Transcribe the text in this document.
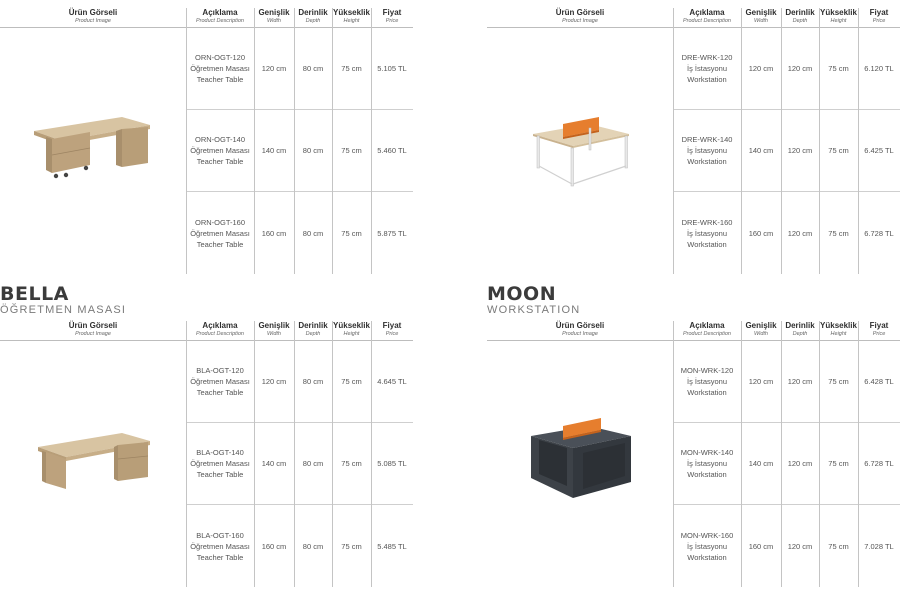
Ürün Görseli
Product Image
Açıklama
Product Description
Genişlik
Width
Derinlik
Depth
Yükseklik
Height
Fiyat
Price
ORN-OGT-120
Öğretmen Masası
Teacher Table
120 cm	80 cm	75 cm	5.105 TL
ORN-OGT-140
Öğretmen Masası
Teacher Table
140 cm	80 cm	75 cm	5.460 TL
ORN-OGT-160
Öğretmen Masası
Teacher Table
160 cm	80 cm	75 cm	5.875 TL
Ürün Görseli
Product Image
Açıklama
Product Description
Genişlik
Width
Derinlik
Depth
Yükseklik
Height
Fiyat
Price
DRE-WRK-120
İş İstasyonu
Workstation
120 cm	120 cm	75 cm	6.120 TL
DRE-WRK-140
İş İstasyonu
Workstation
140 cm	120 cm	75 cm	6.425 TL
DRE-WRK-160
İş İstasyonu
Workstation
160 cm	120 cm	75 cm	6.728 TL
BELLA
ÖĞRETMEN MASASI
Ürün Görseli
Product Image
Açıklama
Product Description
Genişlik
Width
Derinlik
Depth
Yükseklik
Height
Fiyat
Price
BLA-OGT-120
Öğretmen Masası
Teacher Table
120 cm	80 cm	75 cm	4.645 TL
BLA-OGT-140
Öğretmen Masası
Teacher Table
140 cm	80 cm	75 cm	5.085 TL
BLA-OGT-160
Öğretmen Masası
Teacher Table
160 cm	80 cm	75 cm	5.485 TL
MOON
WORKSTATION
Ürün Görseli
Product Image
Açıklama
Product Description
Genişlik
Width
Derinlik
Depth
Yükseklik
Height
Fiyat
Price
MON-WRK-120
İş İstasyonu
Workstation
120 cm	120 cm	75 cm	6.428 TL
MON-WRK-140
İş İstasyonu
Workstation
140 cm	120 cm	75 cm	6.728 TL
MON-WRK-160
İş İstasyonu
Workstation
160 cm	120 cm	75 cm	7.028 TL
